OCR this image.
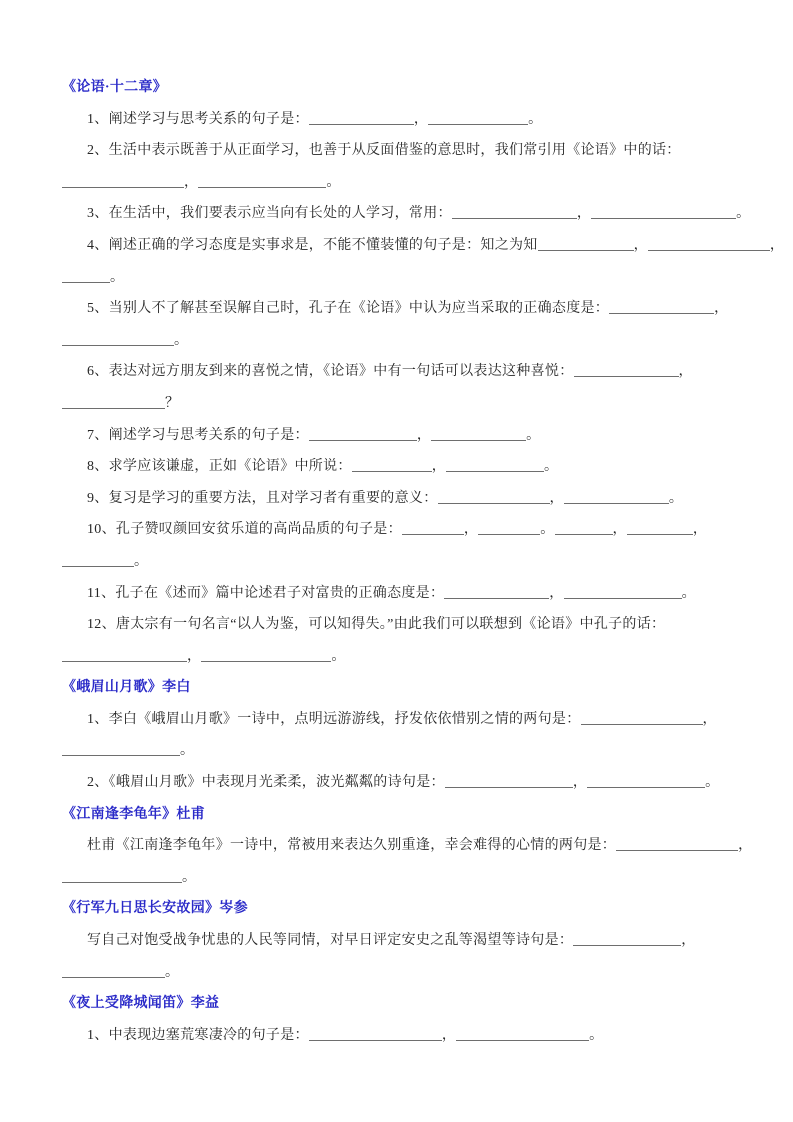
《论语·十二章》
1、阐述学习与思考关系的句子是：	，	。
2、生活中表示既善于从正面学习，也善于从反面借鉴的意思时，我们常引用《论语》中的话：
，	。
3、在生活中，我们要表示应当向有长处的人学习，常用：	，	。
4、阐述正确的学习态度是实事求是，不能不懂装懂的句子是：知之为知	，	，
。
5、当别人不了解甚至误解自己时，孔子在《论语》中认为应当采取的正确态度是：	，
。
6、表达对远方朋友到来的喜悦之情，《论语》中有一句话可以表达这种喜悦：	，
？
7、阐述学习与思考关系的句子是：	，	。
8、求学应该谦虚，正如《论语》中所说：	，	。
9、复习是学习的重要方法，且对学习者有重要的意义：	，	。
10、孔子赞叹颜回安贫乐道的高尚品质的句子是：	，	。	，	，
。
11、孔子在《述而》篇中论述君子对富贵的正确态度是：	，	。
12、唐太宗有一句名言“以人为鉴，可以知得失。”由此我们可以联想到《论语》中孔子的话：
，	。
《峨眉山月歌》李白
1、李白《峨眉山月歌》一诗中，点明远游游线，抒发依依惜别之情的两句是：	，
。
2、《峨眉山月歌》中表现月光柔柔，波光粼粼的诗句是：	，	。
《江南逢李龟年》杜甫
杜甫《江南逢李龟年》一诗中，常被用来表达久别重逢，幸会难得的心情的两句是：	，
。
《行军九日思长安故园》岑参
写自己对饱受战争忧患的人民等同情，对早日评定安史之乱等渴望等诗句是：	，
。
《夜上受降城闻笛》李益
1、中表现边塞荒寒凄冷的句子是：	，	。
